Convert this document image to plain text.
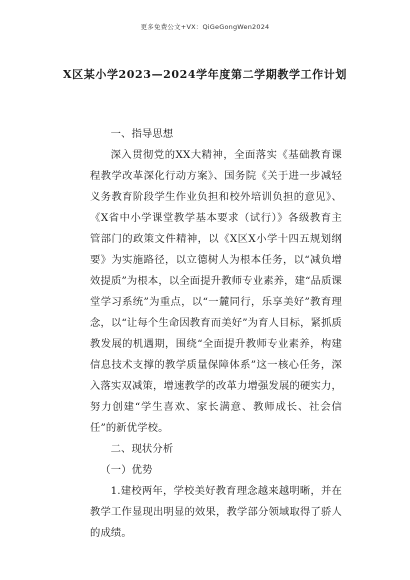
更多免费公文+VX：QiGeGongWen2024
X区某小学2023—2024学年度第二学期教学工作计划

一、指导思想

深入贯彻党的XX大精神，全面落实《基础教育课程教学改革深化行动方案》、国务院《关于进一步减轻义务教育阶段学生作业负担和校外培训负担的意见》、《X省中小学课堂教学基本要求（试行）》各级教育主管部门的政策文件精神，以《X区X小学十四五规划纲要》为实施路径，以立德树人为根本任务，以“减负增效提质”为根本，以全面提升教师专业素养，建“品质课堂学习系统”为重点，以“一麓同行，乐享美好”教育理念，以“让每个生命因教育而美好”为育人目标，紧抓质教发展的机遇期，围绕“全面提升教师专业素养，构建信息技术支撑的教学质量保障体系”这一核心任务，深入落实双减策，增速教学的改革力增强发展的硬实力，努力创建“学生喜欢、家长满意、教师成长、社会信任”的新优学校。

二、现状分析

（一）优势

1.建校两年，学校美好教育理念越来越明晰，并在教学工作显现出明显的效果，教学部分领域取得了骄人的成绩。
